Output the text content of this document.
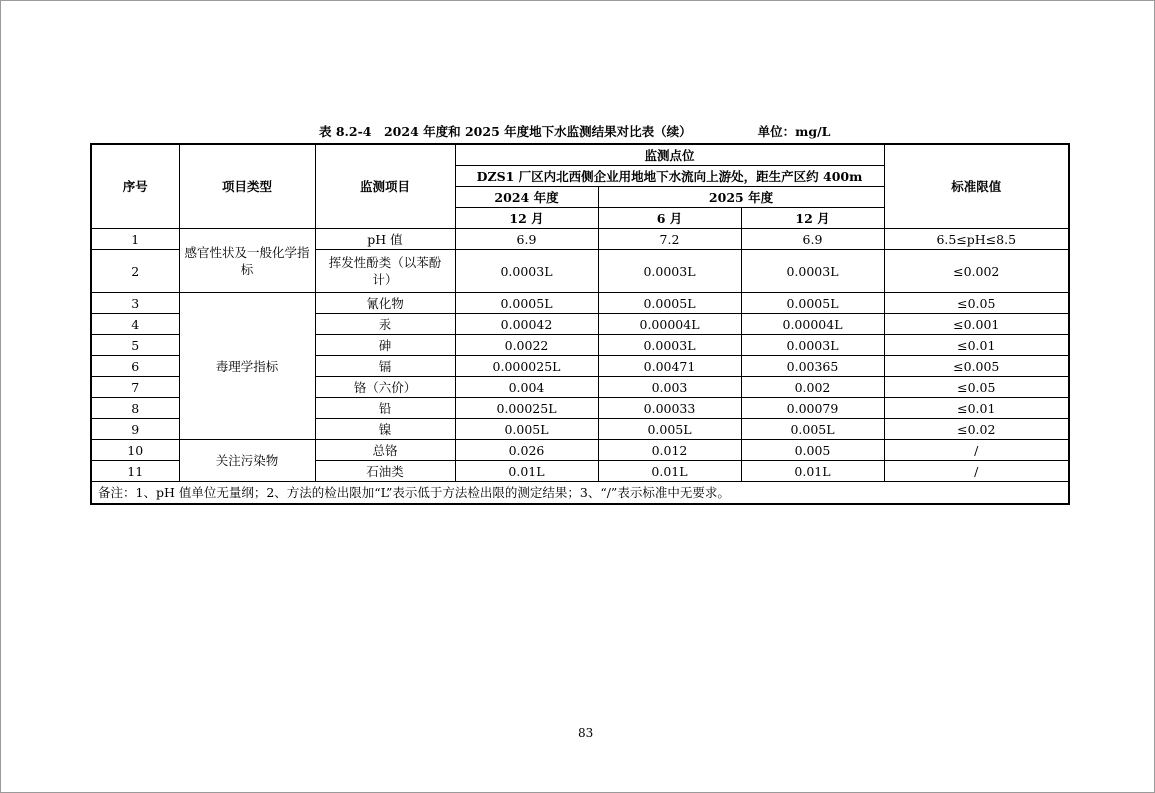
表 8.2-4　2024 年度和 2025 年度地下水监测结果对比表（续）	单位：mg/L
序号	项目类型	监测项目	监测点位			标准限值
			DZS1 厂区内北西侧企业用地地下水流向上游处，距生产区约 400m			
			2024 年度	2025 年度		
			12 月	6 月	12 月	
1	感官性状及一般化学指标	pH 值	6.9	7.2	6.9	6.5≤pH≤8.5
2		挥发性酚类（以苯酚计）	0.0003L	0.0003L	0.0003L	≤0.002
3	毒理学指标	氰化物	0.0005L	0.0005L	0.0005L	≤0.05
4		汞	0.00042	0.00004L	0.00004L	≤0.001
5		砷	0.0022	0.0003L	0.0003L	≤0.01
6		镉	0.000025L	0.00471	0.00365	≤0.005
7		铬（六价）	0.004	0.003	0.002	≤0.05
8		铅	0.00025L	0.00033	0.00079	≤0.01
9		镍	0.005L	0.005L	0.005L	≤0.02
10	关注污染物	总铬	0.026	0.012	0.005	/
11		石油类	0.01L	0.01L	0.01L	/
备注：1、pH 值单位无量纲；2、方法的检出限加“L”表示低于方法检出限的测定结果；3、“/”表示标准中无要求。						
83
